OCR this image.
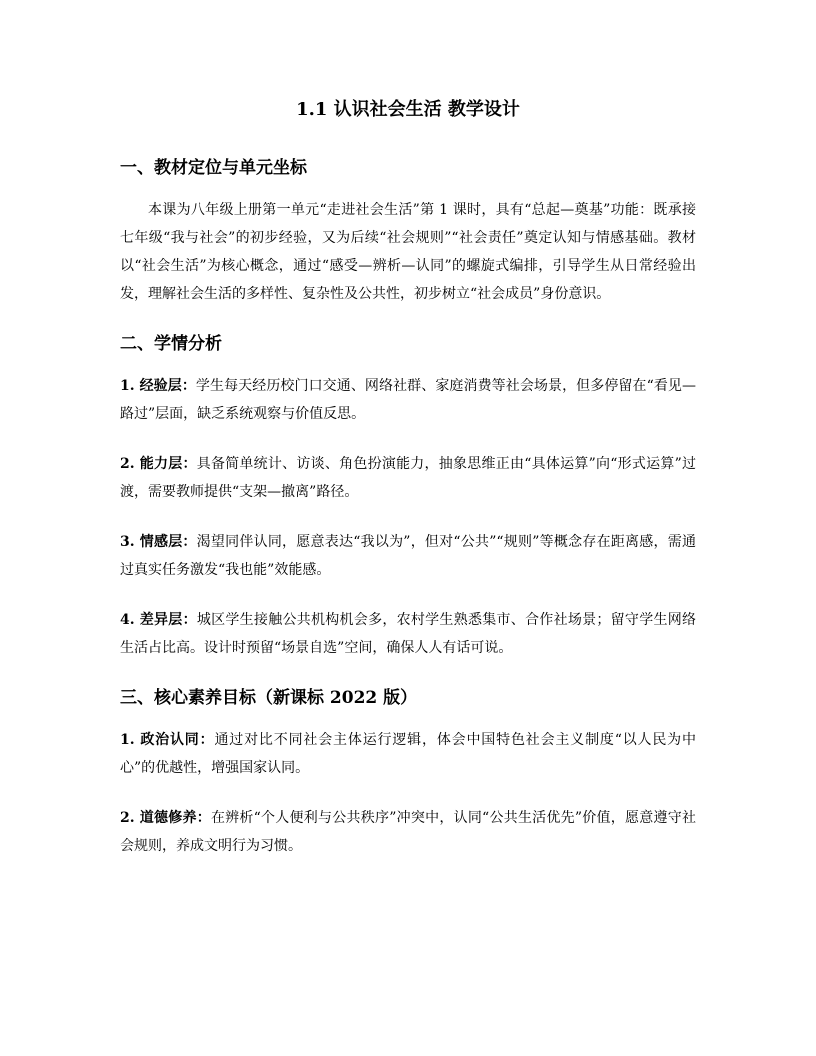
1.1 认识社会生活 教学设计
一、教材定位与单元坐标

本课为八年级上册第一单元“走进社会生活”第 1 课时，具有“总起—奠基”功能：既承接七年级“我与社会”的初步经验，又为后续“社会规则”“社会责任”奠定认知与情感基础。教材以“社会生活”为核心概念，通过“感受—辨析—认同”的螺旋式编排，引导学生从日常经验出发，理解社会生活的多样性、复杂性及公共性，初步树立“社会成员”身份意识。

二、学情分析

1. 经验层：学生每天经历校门口交通、网络社群、家庭消费等社会场景，但多停留在“看见—路过”层面，缺乏系统观察与价值反思。

2. 能力层：具备简单统计、访谈、角色扮演能力，抽象思维正由“具体运算”向“形式运算”过渡，需要教师提供“支架—撤离”路径。

3. 情感层：渴望同伴认同，愿意表达“我以为”，但对“公共”“规则”等概念存在距离感，需通过真实任务激发“我也能”效能感。

4. 差异层：城区学生接触公共机构机会多，农村学生熟悉集市、合作社场景；留守学生网络生活占比高。设计时预留“场景自选”空间，确保人人有话可说。

三、核心素养目标（新课标 2022 版）

1. 政治认同：通过对比不同社会主体运行逻辑，体会中国特色社会主义制度“以人民为中心”的优越性，增强国家认同。

2. 道德修养：在辨析“个人便利与公共秩序”冲突中，认同“公共生活优先”价值，愿意遵守社会规则，养成文明行为习惯。
